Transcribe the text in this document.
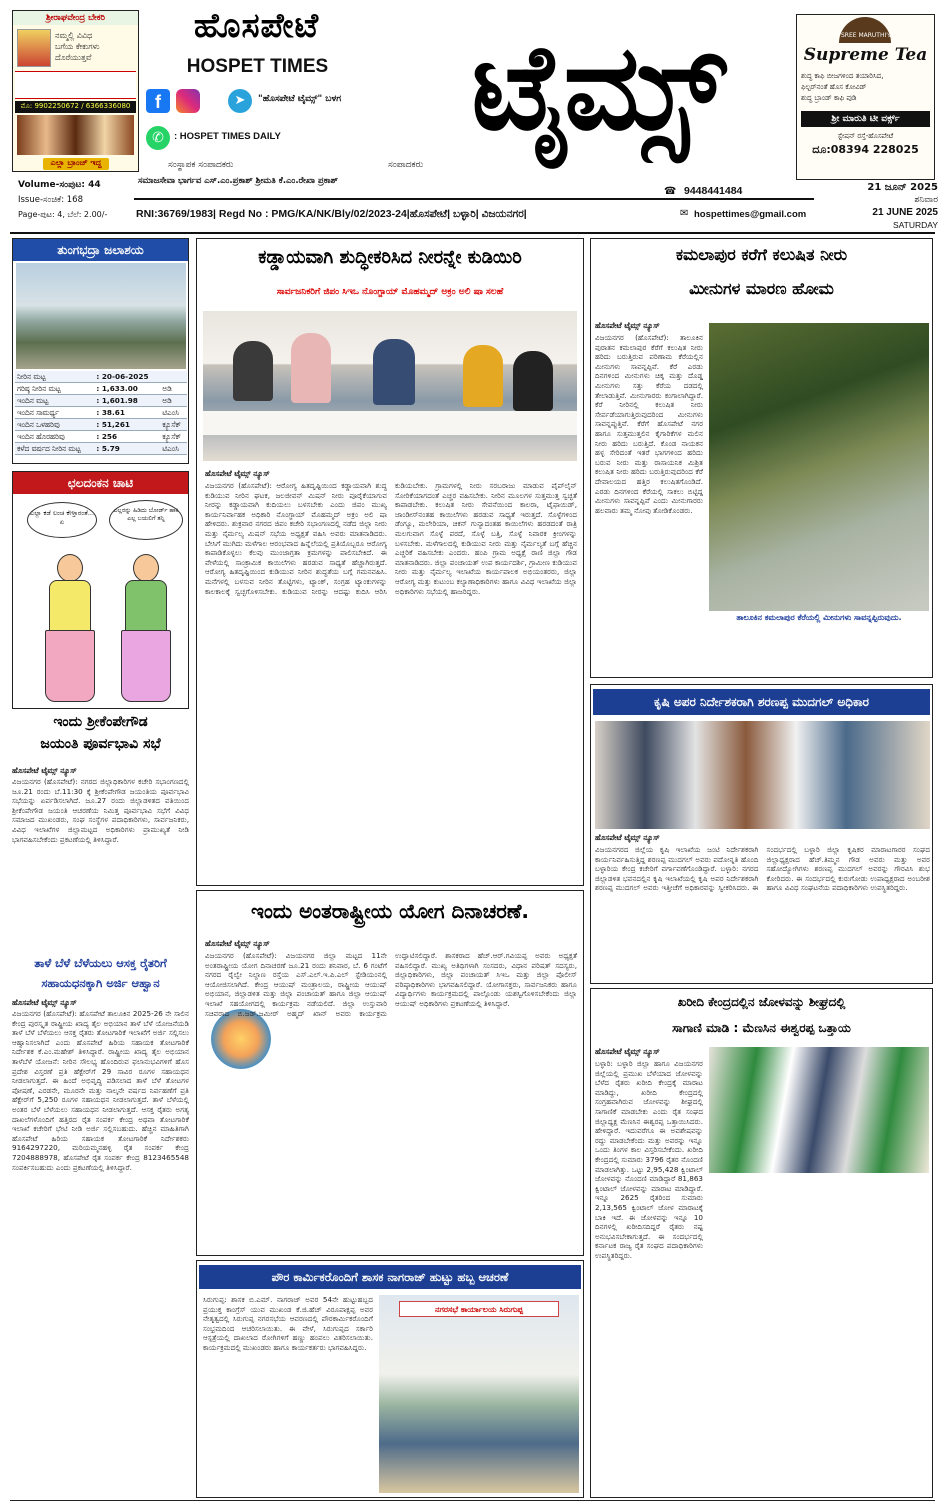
ಶ್ರೀರಾಘವೇಂದ್ರ ಬೇಕರಿ
ನಮ್ಮಲ್ಲಿ ವಿವಿಧ
ಬಗೆಯ ಕೇಕುಗಳು
ದೊರೆಯುತ್ತವೆ
ಮೊ: 9902250672 / 6366336080
ಎಲ್ಲಾ ಬ್ರಾಂಚ್ ಇದ್ದ
ಹೊಸಪೇಟೆ
HOSPET TIMES
f	➤	"ಹೊಸಪೇಟೆ ಟೈಮ್ಸ್" ಬಳಗ
✆	: HOSPET TIMES DAILY	ಟೈಮ್ಸ್	SREE MARUTHI's
Supreme Tea
ಶುದ್ಧ ಕಾಫಿ ಬೀಜಗಳಿಂದ ತಯಾರಿಸಿದ,
ಫಿಲ್ಟರ್‌ನಂತೆ ಹೊಸ ಕೋವಿಡ್‌
ಶುದ್ಧ ಬ್ರಾಂಡ್ ಕಾಫಿ ಪುಡಿ
ಶ್ರೀ ಮಾರುತಿ ಟೀ ವರ್ಕ್ಸ್
ಸ್ಟೇಷನ್ ರಸ್ತೆ-ಹೊಸಪೇಟೆ
ದೂ:08394 228025
ಸಂಸ್ಥಾಪಕ ಸಂಪಾದಕರು	ಸಂಪಾದಕರು
ಸಮಾಜಸೇವಾ ಭಾರ್ಗವ ಎಸ್.ಎಂ.ಪ್ರಕಾಶ್ ಶ್ರೀಮತಿ ಕೆ.ಎಂ.ರೇಖಾ ಪ್ರಕಾಶ್
☎ 9448441484
Volume-ಸಂಪುಟ: 44
Issue-ಸಂಚಿಕೆ: 168
Page-ಪುಟ: 4, ಬೆಲೆ: 2.00/-
21 ಜೂನ್ 2025
ಶನಿವಾರ
21 JUNE 2025
SATURDAY
RNI:36769/1983| Regd No : PMG/KA/NK/Bly/02/2023-24|ಹೊಸಪೇಟೆ| ಬಳ್ಳಾರಿ| ವಿಜಯನಗರ|	✉ hospettimes@gmail.com
ತುಂಗಭದ್ರಾ ಜಲಾಶಯ
ನೀರಿನ ಮಟ್ಟ	: 20-06-2025	
ಗರಿಷ್ಠ ನೀರಿನ ಮಟ್ಟ	: 1,633.00	ಅಡಿ
ಇಂದಿನ ಮಟ್ಟ	: 1,601.98	ಅಡಿ
ಇಂದಿನ ಸಾಮರ್ಥ್ಯ	: 38.61	ಟಿಎಂಸಿ
ಇಂದಿನ ಒಳಹರಿವು	: 51,261	ಕ್ಯೂಸೆಕ್
ಇಂದಿನ ಹೊರಹರಿವು	: 256	ಕ್ಯೂಸೆಕ್
ಕಳೆದ ವರ್ಷದ ನೀರಿನ ಮಟ್ಟ	: 5.79	ಟಿಎಂಸಿ
ಛಲದಂಕನ ಚಾಟಿ
ಎಲ್ಲಾ ಕಡೆ ಲಂಚ ಕೇಳ್ತಾರಂತೆ... ಏ
ಎಲ್ಲರನ್ನು ಹಿಡಿದು ಬೋರ್ಡ್ ಹಾಕಿ ಎಲ್ಲ ಬಯಲಿಗೆ ತನ್ನಿ
ಇಂದು ಶ್ರೀಕೆಂಪೇಗೌಡ
ಜಯಂತಿ ಪೂರ್ವಭಾವಿ ಸಭೆ
ಹೊಸಪೇಟೆ ಟೈಮ್ಸ್ ನ್ಯೂಸ್
ವಿಜಯನಗರ (ಹೊಸಪೇಟೆ): ನಗರದ ಜಿಲ್ಲಾಧಿಕಾರಿಗಳ ಕಚೇರಿ ಸಭಾಂಗಣದಲ್ಲಿ ಜೂ.21 ರಂದು ಬೆ.11:30 ಕ್ಕೆ ಶ್ರೀಕೆಂಪೇಗೌಡ ಜಯಂತಿಯ ಪೂರ್ವಭಾವಿ ಸಭೆಯನ್ನು ಏರ್ಪಡಿಸಲಾಗಿದೆ. ಜೂ.27 ರಂದು ಜಿಲ್ಲಾಡಳಿತದ ವತಿಯಿಂದ ಶ್ರೀಕೆಂಪೇಗೌಡ ಜಯಂತಿ ಆಚರಣೆಯ ನಿಮಿತ್ತ ಪೂರ್ವಭಾವಿ ಸಭೆಗೆ ವಿವಿಧ ಸಮಾಜದ ಮುಖಂಡರು, ಸಂಘ ಸಂಸ್ಥೆಗಳ ಪದಾಧಿಕಾರಿಗಳು, ಸಾರ್ವಜನಿಕರು, ವಿವಿಧ ಇಲಾಖೆಗಳ ಜಿಲ್ಲಾಮಟ್ಟದ ಅಧಿಕಾರಿಗಳು ಪ್ರಾಮುಖ್ಯತೆ ನೀಡಿ ಭಾಗವಹಿಸಬೇಕೆಂದು ಪ್ರಕಟಣೆಯಲ್ಲಿ ತಿಳಿಸಿದ್ದಾರೆ.
ತಾಳೆ ಬೆಳೆ ಬೆಳೆಯಲು ಆಸಕ್ತ ರೈತರಿಗೆ
ಸಹಾಯಧನಕ್ಕಾಗಿ ಅರ್ಜಿ ಆಹ್ವಾನ
ಹೊಸಪೇಟೆ ಟೈಮ್ಸ್ ನ್ಯೂಸ್
ವಿಜಯನಗರ (ಹೊಸಪೇಟೆ): ಹೊಸಪೇಟೆ ತಾಲೂಕಿನ 2025-26 ನೇ ಸಾಲಿನ ಕೇಂದ್ರ ಪುರಸ್ಕೃತ ರಾಷ್ಟ್ರೀಯ ಖಾದ್ಯ ತೈಲ ಅಭಿಯಾನ ತಾಳೆ ಬೆಳೆ ಯೋಜನೆಯಡಿ ತಾಳೆ ಬೆಳೆ ಬೆಳೆಯಲು ಆಸಕ್ತ ರೈತರು ತೋಟಗಾರಿಕೆ ಇಲಾಖೆಗೆ ಅರ್ಜಿ ಸಲ್ಲಿಸಲು ಆಹ್ವಾನಿಸಲಾಗಿದೆ ಎಂದು ಹೊಸಪೇಟೆ ಹಿರಿಯ ಸಹಾಯಕ ತೋಟಗಾರಿಕೆ ನಿರ್ದೇಶಕ ಕೆ.ಎಂ.ಮಹೇಶ್ ತಿಳಿಸಿದ್ದಾರೆ. ರಾಷ್ಟ್ರೀಯ ಖಾದ್ಯ ತೈಲ ಅಭಿಯಾನ ತಾಳೆಬೆಳೆ ಯೋಜನೆ: ನೀರಿನ ಸೌಲಭ್ಯ ಹೊಂದಿರುವ ಫಲಾನುಭವಿಗಳಿಗೆ ಹೊಸ ಪ್ರದೇಶ ವಿಸ್ತರಣೆ ಪ್ರತಿ ಹೆಕ್ಟೇರ್‌ಗೆ 29 ಸಾವಿರ ರೂಗಳ ಸಹಾಯಧನ ನೀಡಲಾಗುತ್ತದೆ. ಈ ಹಿಂದೆ ಅಭಿವೃದ್ಧಿ ಪಡಿಸಲಾದ ತಾಳೆ ಬೆಳೆ ತೋಟಗಳ ಪೋಷಣೆ, ಎರಡನೇ, ಮೂರನೇ ಮತ್ತು ನಾಲ್ಕನೇ ವರ್ಷದ ನಿರ್ವಹಣೆಗೆ ಪ್ರತಿ ಹೆಕ್ಟೇರ್‌ಗೆ 5,250 ರೂಗಳ ಸಹಾಯಧನ ನೀಡಲಾಗುತ್ತದೆ. ತಾಳೆ ಬೆಳೆಯಲ್ಲಿ ಅಂತರ ಬೆಳೆ ಬೆಳೆಯಲು ಸಹಾಯಧನ ನೀಡಲಾಗುತ್ತದೆ. ಆಸಕ್ತ ರೈತರು ಅಗತ್ಯ ದಾಖಲೆಗಳೊಂದಿಗೆ ಹತ್ತಿರದ ರೈತ ಸಂಪರ್ಕ ಕೇಂದ್ರ ಅಥವಾ ತೋಟಗಾರಿಕೆ ಇಲಾಖೆ ಕಚೇರಿಗೆ ಭೇಟಿ ನೀಡಿ ಅರ್ಜಿ ಸಲ್ಲಿಸಬಹುದು. ಹೆಚ್ಚಿನ ಮಾಹಿತಿಗಾಗಿ ಹೊಸಪೇಟೆ ಹಿರಿಯ ಸಹಾಯಕ ತೋಟಗಾರಿಕೆ ನಿರ್ದೇಶಕರು 9164297220, ಮರಿಯಮ್ಮನಹಳ್ಳಿ ರೈತ ಸಂಪರ್ಕ ಕೇಂದ್ರ 7204888978, ಹೊಸಪೇಟೆ ರೈತ ಸಂಪರ್ಕ ಕೇಂದ್ರ 8123465548 ಸಂಪರ್ಕಿಸಬಹುದು ಎಂದು ಪ್ರಕಟಣೆಯಲ್ಲಿ ತಿಳಿಸಿದ್ದಾರೆ.
ಕಡ್ಡಾಯವಾಗಿ ಶುದ್ಧೀಕರಿಸಿದ ನೀರನ್ನೇ ಕುಡಿಯಿರಿ
ಸಾರ್ವಜನಿಕರಿಗೆ ಜಿಪಂ ಸಿಇಒ ನೊಂಗ್ಜಾಯ್ ಮೊಹಮ್ಮದ್ ಅಕ್ರಂ ಅಲಿ ಷಾ ಸಲಹೆ
ಹೊಸಪೇಟೆ ಟೈಮ್ಸ್ ನ್ಯೂಸ್
ವಿಜಯನಗರ (ಹೊಸಪೇಟೆ): ಆರೋಗ್ಯ ಹಿತದೃಷ್ಟಿಯಿಂದ ಕಡ್ಡಾಯವಾಗಿ ಶುದ್ಧ ಕುಡಿಯುವ ನೀರಿನ ಘಟಕ, ಜಲಜೀವನ್ ಮಿಷನ್ ನೀರು ಪೂರೈಕೆಯಾಗುವ ನೀರನ್ನು ಕಡ್ಡಾಯವಾಗಿ ಕುದಿಯಲು ಬಳಸಬೇಕು ಎಂದು ಜಿಪಂ ಮುಖ್ಯ ಕಾರ್ಯನಿರ್ವಾಹಕ ಅಧಿಕಾರಿ ನೊಂಗ್ಜಾಯ್ ಮೊಹಮ್ಮದ್ ಅಕ್ರಂ ಅಲಿ ಷಾ ಹೇಳಿದರು. ಶುಕ್ರವಾರ ನಗರದ ಜಿಪಂ ಕಚೇರಿ ಸಭಾಂಗಣದಲ್ಲಿ ನಡೆದ ಜಿಲ್ಲಾ ನೀರು ಮತ್ತು ನೈರ್ಮಲ್ಯ ಮಿಷನ್ ಸಭೆಯ ಅಧ್ಯಕ್ಷತೆ ವಹಿಸಿ ಅವರು ಮಾತನಾಡಿದರು. ಬೇಸಿಗೆ ಮುಗಿದು ಮಳೆಗಾಲ ಆರಂಭವಾದ ಹಿನ್ನೆಲೆಯಲ್ಲಿ ಪ್ರತಿಯೊಬ್ಬರೂ ಆರೋಗ್ಯ ಕಾಪಾಡಿಕೊಳ್ಳಲು ಕೆಲವು ಮುಂಜಾಗ್ರತಾ ಕ್ರಮಗಳನ್ನು ಪಾಲಿಸಬೇಕಿದೆ. ಈ ವೇಳೆಯಲ್ಲಿ ಸಾಂಕ್ರಾಮಿಕ ಕಾಯಿಲೆಗಳು ಹರಡುವ ಸಾಧ್ಯತೆ ಹೆಚ್ಚಾಗಿರುತ್ತದೆ. ಆರೋಗ್ಯ ಹಿತದೃಷ್ಟಿಯಿಂದ ಕುಡಿಯುವ ನೀರಿನ ಶುದ್ಧತೆಯ ಬಗ್ಗೆ ಗಮನವಹಿಸಿ. ಮನೆಗಳಲ್ಲಿ ಬಳಸುವ ನೀರಿನ ತೊಟ್ಟಿಗಳು, ಟ್ಯಾಂಕ್, ಸಂಗ್ರಹ ಟ್ಯಾಂಕುಗಳನ್ನು ಕಾಲಕಾಲಕ್ಕೆ ಸ್ವಚ್ಛಗೊಳಿಸಬೇಕು. ಕುಡಿಯುವ ನೀರನ್ನು ಆದಷ್ಟು ಕುದಿಸಿ ಆರಿಸಿ ಕುಡಿಯಬೇಕು. ಗ್ರಾಮಗಳಲ್ಲಿ ನೀರು ಸರಬರಾಜು ಮಾಡುವ ಪೈಪ್‌ಲೈನ್ ಸೋರಿಕೆಯಾಗದಂತೆ ಎಚ್ಚರ ವಹಿಸಬೇಕು. ನೀರಿನ ಮೂಲಗಳ ಸುತ್ತಮುತ್ತ ಸ್ವಚ್ಛತೆ ಕಾಪಾಡಬೇಕು. ಕಲುಷಿತ ನೀರು ಸೇವನೆಯಿಂದ ಕಾಲರಾ, ಟೈಫಾಯಿಡ್, ಜಾಂಡೀಸ್‌ನಂತಹ ಕಾಯಿಲೆಗಳು ಹರಡುವ ಸಾಧ್ಯತೆ ಇರುತ್ತದೆ. ಸೊಳ್ಳೆಗಳಿಂದ ಡೆಂಗ್ಯೂ, ಮಲೇರಿಯಾ, ಚಿಕನ್ ಗುನ್ಯಾದಂತಹ ಕಾಯಿಲೆಗಳು ಹರಡದಂತೆ ರಾತ್ರಿ ಮಲಗುವಾಗ ಸೊಳ್ಳೆ ಪರದೆ, ಸೊಳ್ಳೆ ಬತ್ತಿ, ಸೊಳ್ಳೆ ನಿವಾರಕ ಕ್ರೀಂಗಳನ್ನು ಬಳಸಬೇಕು. ಮಳೆಗಾಲದಲ್ಲಿ ಕುಡಿಯುವ ನೀರು ಮತ್ತು ನೈರ್ಮಲ್ಯತೆ ಬಗ್ಗೆ ಹೆಚ್ಚಿನ ಎಚ್ಚರಿಕೆ ವಹಿಸಬೇಕು ಎಂದರು. ಹಂಪಿ ಗ್ರಾಮ ಅಧ್ಯಕ್ಷೆ ರಾಣಿ ಜಿಲ್ಲಾ ಗೌಡ ಮಾತನಾಡಿದರು. ಜಿಲ್ಲಾ ಪಂಚಾಯತ್ ಉಪ ಕಾರ್ಯದರ್ಶಿ, ಗ್ರಾಮೀಣ ಕುಡಿಯುವ ನೀರು ಮತ್ತು ನೈರ್ಮಲ್ಯ ಇಲಾಖೆಯ ಕಾರ್ಯಪಾಲಕ ಅಭಿಯಂತರರು, ಜಿಲ್ಲಾ ಆರೋಗ್ಯ ಮತ್ತು ಕುಟುಂಬ ಕಲ್ಯಾಣಾಧಿಕಾರಿಗಳು ಹಾಗೂ ವಿವಿಧ ಇಲಾಖೆಯ ಜಿಲ್ಲಾ ಅಧಿಕಾರಿಗಳು ಸಭೆಯಲ್ಲಿ ಹಾಜರಿದ್ದರು.
ಇಂದು ಅಂತರಾಷ್ಟ್ರೀಯ ಯೋಗ ದಿನಾಚರಣೆ.
ಹೊಸಪೇಟೆ ಟೈಮ್ಸ್ ನ್ಯೂಸ್
ವಿಜಯನಗರ (ಹೊಸಪೇಟೆ): ವಿಜಯನಗರ ಜಿಲ್ಲಾ ಮಟ್ಟದ 11ನೇ ಅಂತರಾಷ್ಟ್ರೀಯ ಯೋಗ ದಿನಾಚರಣೆ ಜೂ.21 ರಂದು ಶನಿವಾರ, ಬೆ. 6 ಗಂಟೆಗೆ ನಗರದ ರೈಲ್ವೇ ನಿಲ್ದಾಣ ರಸ್ತೆಯ ಎಸ್.ಎಲ್.ಇ.ಪಿ.ಎಲ್ ಸ್ಟೇಡಿಯಂನಲ್ಲಿ ಆಯೋಜಿಸಲಾಗಿದೆ. ಕೇಂದ್ರ ಆಯುಷ್ ಮಂತ್ರಾಲಯ, ರಾಷ್ಟ್ರೀಯ ಆಯುಷ್ ಅಭಿಯಾನ, ಜಿಲ್ಲಾಡಳಿತ ಮತ್ತು ಜಿಲ್ಲಾ ಪಂಚಾಯತ್ ಹಾಗೂ ಜಿಲ್ಲಾ ಆಯುಷ್ ಇಲಾಖೆ ಸಹಯೋಗದಲ್ಲಿ ಕಾರ್ಯಕ್ರಮ ನಡೆಯಲಿದೆ. ಜಿಲ್ಲಾ ಉಸ್ತುವಾರಿ ಸಚಿವರಾದ ಬಿ.ಜಡ್.ಜಮೀರ್ ಅಹ್ಮದ್ ಖಾನ್ ಅವರು ಕಾರ್ಯಕ್ರಮ ಉದ್ಘಾಟಿಸಲಿದ್ದಾರೆ. ಶಾಸಕರಾದ ಹೆಚ್.ಆರ್.ಗವಿಯಪ್ಪ ಅವರು ಅಧ್ಯಕ್ಷತೆ ವಹಿಸಲಿದ್ದಾರೆ. ಮುಖ್ಯ ಅತಿಥಿಗಳಾಗಿ ಸಂಸದರು, ವಿಧಾನ ಪರಿಷತ್ ಸದಸ್ಯರು, ಜಿಲ್ಲಾಧಿಕಾರಿಗಳು, ಜಿಲ್ಲಾ ಪಂಚಾಯತ್ ಸಿಇಒ ಮತ್ತು ಜಿಲ್ಲಾ ಪೊಲೀಸ್ ವರಿಷ್ಠಾಧಿಕಾರಿಗಳು ಭಾಗವಹಿಸಲಿದ್ದಾರೆ. ಯೋಗಾಸಕ್ತರು, ಸಾರ್ವಜನಿಕರು ಹಾಗೂ ವಿದ್ಯಾರ್ಥಿಗಳು ಕಾರ್ಯಕ್ರಮದಲ್ಲಿ ಪಾಲ್ಗೊಂಡು ಯಶಸ್ವಿಗೊಳಿಸಬೇಕೆಂದು ಜಿಲ್ಲಾ ಆಯುಷ್ ಅಧಿಕಾರಿಗಳು ಪ್ರಕಟಣೆಯಲ್ಲಿ ತಿಳಿಸಿದ್ದಾರೆ.
ಪೌರ ಕಾರ್ಮಿಕರೊಂದಿಗೆ ಶಾಸಕ ನಾಗರಾಜ್ ಹುಟ್ಟು ಹಬ್ಬ ಆಚರಣೆ
ಸಿರುಗುಪ್ಪ: ಶಾಸಕ ಬಿ.ಎಮ್. ನಾಗರಾಜ್ ಅವರ 54ನೇ ಹುಟ್ಟುಹಬ್ಬದ ಪ್ರಯುಕ್ತ ಕಾಂಗ್ರೆಸ್ ಯುವ ಮುಖಂಡ ಕೆ.ಜಿ.ಹೆಚ್ ವಿರೂಪಾಕ್ಷಪ್ಪ ಅವರ ನೇತೃತ್ವದಲ್ಲಿ ಸಿರುಗುಪ್ಪ ನಗರಸಭೆಯ ಆವರಣದಲ್ಲಿ ಪೌರಕಾರ್ಮಿಕರೊಂದಿಗೆ ಸಂಭ್ರಮದಿಂದ ಆಚರಿಸಲಾಯಿತು. ಈ ವೇಳೆ, ಸಿರುಗುಪ್ಪದ ಸರ್ಕಾರಿ ಆಸ್ಪತ್ರೆಯಲ್ಲಿ ದಾಖಲಾದ ರೋಗಿಗಳಿಗೆ ಹಣ್ಣು ಹಂಪಲು ವಿತರಿಸಲಾಯಿತು. ಕಾರ್ಯಕ್ರಮದಲ್ಲಿ ಮುಖಂಡರು ಹಾಗೂ ಕಾರ್ಯಕರ್ತರು ಭಾಗವಹಿಸಿದ್ದರು.
ನಗರಸಭೆ ಕಾರ್ಯಾಲಯ ಸಿರುಗುಪ್ಪ
ಕಮಲಾಪುರ ಕರೆಗೆ ಕಲುಷಿತ ನೀರು
ಮೀನುಗಳ ಮಾರಣ ಹೋಮ
ಹೊಸಪೇಟೆ ಟೈಮ್ಸ್ ನ್ಯೂಸ್
ವಿಜಯನಗರ (ಹೊಸಪೇಟೆ): ತಾಲೂಕಿನ ಪುರಾತನ ಕಮಲಾಪುರ ಕೆರೆಗೆ ಕಲುಷಿತ ನೀರು ಹರಿದು ಬರುತ್ತಿರುವ ಪರಿಣಾಮ ಕೆರೆಯಲ್ಲಿನ ಮೀನುಗಳು ಸಾವನ್ನಪ್ಪಿವೆ. ಕೆರೆ ಎರಡು ದಿನಗಳಿಂದ ಮೀನುಗಳು ಚಿಕ್ಕ ಮತ್ತು ದೊಡ್ಡ ಮೀನುಗಳು ಸತ್ತು ಕೆರೆಯ ದಡದಲ್ಲಿ ತೇಲಾಡುತ್ತಿವೆ. ಮೀನುಗಾರರು ಕಂಗಾಲಾಗಿದ್ದಾರೆ. ಕೆರೆ ನೀರಿನಲ್ಲಿ ಕಲುಷಿತ ನೀರು ಸೇರ್ಪಡೆಯಾಗುತ್ತಿರುವುದರಿಂದ ಮೀನುಗಳು ಸಾವನ್ನಪ್ಪುತ್ತಿವೆ. ಕೆರೆಗೆ ಹೊಸಪೇಟೆ ನಗರ ಹಾಗೂ ಸುತ್ತಮುತ್ತಲಿನ ಕೈಗಾರಿಕೆಗಳ ಮಲಿನ ನೀರು ಹರಿದು ಬರುತ್ತಿದೆ. ಕೊಂಡ ನಾಯಕನ ಹಳ್ಳ ಸೇರಿದಂತೆ ಇತರೆ ಭಾಗಗಳಿಂದ ಹರಿದು ಬರುವ ನೀರು ಮತ್ತು ರಾಸಾಯನಿಕ ಮಿಶ್ರಿತ ಕಲುಷಿತ ನೀರು ಹರಿದು ಬರುತ್ತಿರುವುದರಿಂದ ಕೆರೆ ದೇವಾಲಯದ ಹತ್ತಿರ ಕಲುಷಿತಗೊಂಡಿದೆ. ಎರಡು ದಿನಗಳಿಂದ ಕೆರೆಯಲ್ಲಿ ಸಾಕಲು ಬಿಟ್ಟಿದ್ದ ಮೀನುಗಳು ಸಾವನ್ನಪ್ಪಿವೆ ಎಂದು ಮೀನುಗಾರರು ಹಲವಾರು ತಮ್ಮ ನೋವು ತೋಡಿಕೊಂಡರು.
ತಾಲೂಕಿನ ಕಮಲಾಪುರ ಕೆರೆಯಲ್ಲಿ ಮೀನುಗಳು ಸಾವನ್ನಪ್ಪಿರುವುದು.
ಕೃಷಿ ಅಪರ ನಿರ್ದೇಶಕರಾಗಿ ಶರಣಪ್ಪ ಮುದಗಲ್ ಅಧಿಕಾರ
ಹೊಸಪೇಟೆ ಟೈಮ್ಸ್ ನ್ಯೂಸ್
ವಿಜಯನಗರದ ಜಿಲ್ಲೆಯ ಕೃಷಿ ಇಲಾಖೆಯ ಜಂಟಿ ನಿರ್ದೇಶಕರಾಗಿ ಕಾರ್ಯನಿರ್ವಹಿಸುತ್ತಿದ್ದ ಶರಣಪ್ಪ ಮುದಗಲ್ ಅವರು ಪದೋನ್ನತಿ ಹೊಂದಿ ಬಳ್ಳಾರಿಯ ಕೇಂದ್ರ ಕಚೇರಿಗೆ ವರ್ಗಾವಣೆಗೊಂಡಿದ್ದಾರೆ. ಬಳ್ಳಾರಿ: ನಗರದ ಜಿಲ್ಲಾಡಳಿತ ಭವನದಲ್ಲಿನ ಕೃಷಿ ಇಲಾಖೆಯಲ್ಲಿ ಕೃಷಿ ಅಪರ ನಿರ್ದೇಶಕರಾಗಿ ಶರಣಪ್ಪ ಮುದಗಲ್ ಅವರು ಇತ್ತೀಚೆಗೆ ಅಧಿಕಾರವನ್ನು ಸ್ವೀಕರಿಸಿದರು. ಈ ಸಂದರ್ಭದಲ್ಲಿ ಬಳ್ಳಾರಿ ಜಿಲ್ಲಾ ಕೃಷಿಕರ ಮಾರಾಟಗಾರರ ಸಂಘದ ಜಿಲ್ಲಾಧ್ಯಕ್ಷರಾದ ಹೆಚ್.ತಿಮ್ಮನ ಗೌಡ ಅವರು ಮತ್ತು ಅವರ ಸಹೋದ್ಯೋಗಿಗಳು ಶರಣಪ್ಪ ಮುದಗಲ್ ಅವರನ್ನು ಗೌರವಿಸಿ ಶುಭ ಕೋರಿದರು. ಈ ಸಂದರ್ಭದಲ್ಲಿ ಕುರುಗೋಡು ಉಪಾಧ್ಯಕ್ಷರಾದ ಅಂಬರೀಶ ಹಾಗೂ ವಿವಿಧ ಸಂಘಟನೆಯ ಪದಾಧಿಕಾರಿಗಳು ಉಪಸ್ಥಿತರಿದ್ದರು.
ಖರೀದಿ ಕೇಂದ್ರದಲ್ಲಿನ ಜೋಳವನ್ನು ಶೀಘ್ರದಲ್ಲಿ
ಸಾಗಾಣಿ ಮಾಡಿ : ಮೆಣಸಿನ ಈಶ್ವರಪ್ಪ ಒತ್ತಾಯ
ಹೊಸಪೇಟೆ ಟೈಮ್ಸ್ ನ್ಯೂಸ್
ಬಳ್ಳಾರಿ: ಬಳ್ಳಾರಿ ಜಿಲ್ಲಾ ಹಾಗೂ ವಿಜಯನಗರ ಜಿಲ್ಲೆಯಲ್ಲಿ ಪ್ರಮುಖ ಬೆಳೆಯಾದ ಜೋಳವನ್ನು ಬೆಳೆದ ರೈತರು ಖರೀದಿ ಕೇಂದ್ರಕ್ಕೆ ಮಾರಾಟ ಮಾಡಿದ್ದು, ಖರೀದಿ ಕೇಂದ್ರದಲ್ಲಿ ಸಂಗ್ರಹವಾಗಿರುವ ಜೋಳವನ್ನು ಶೀಘ್ರದಲ್ಲಿ ಸಾಗಾಣಿಕೆ ಮಾಡಬೇಕು ಎಂದು ರೈತ ಸಂಘದ ಜಿಲ್ಲಾಧ್ಯಕ್ಷ ಮೆಣಸಿನ ಈಶ್ವರಪ್ಪ ಒತ್ತಾಯಿಸಿದರು. ಹೇಳಿದ್ದಾರೆ. ಇದುವರೆಗೂ ಈ ಅವಶೇಷವನ್ನು ರದ್ದು ಮಾಡಬೇಕೆಂದು ಮತ್ತು ಅವರನ್ನು ಇನ್ನೂ ಒಂದು ತಿಂಗಳ ಕಾಲ ವಿಸ್ತರಿಸಬೇಕೆಂದು. ಖರೀದಿ ಕೇಂದ್ರದಲ್ಲಿ ಸುಮಾರು 3796 ರೈತರ ನೊಂದಣಿ ಮಾಡಲಾಗಿತ್ತು. ಒಟ್ಟು 2,95,428 ಕ್ವಿಂಟಾಲ್ ಜೋಳವನ್ನು ನೊಂದಣಿ ಮಾಡಿದ್ದಾರೆ 81,863 ಕ್ವಿಂಟಾಲ್ ಜೋಳವನ್ನು ಮಾರಾಟ ಮಾಡಿದ್ದಾರೆ. ಇನ್ನೂ 2625 ರೈತರಿಂದ ಸುಮಾರು 2,13,565 ಕ್ವಿಂಟಾಲ್ ಜೋಳ ಮಾರಾಟಕ್ಕೆ ಬಾಕಿ ಇದೆ. ಈ ಜೋಳವನ್ನು ಇನ್ನೂ 10 ದಿನಗಳಲ್ಲಿ ಖರೀದಿಸದಿದ್ದರೆ ರೈತರು ನಷ್ಟ ಅನುಭವಿಸಬೇಕಾಗುತ್ತದೆ. ಈ ಸಂದರ್ಭದಲ್ಲಿ ಕರ್ನಾಟಕ ರಾಜ್ಯ ರೈತ ಸಂಘದ ಪದಾಧಿಕಾರಿಗಳು ಉಪಸ್ಥಿತರಿದ್ದರು.
